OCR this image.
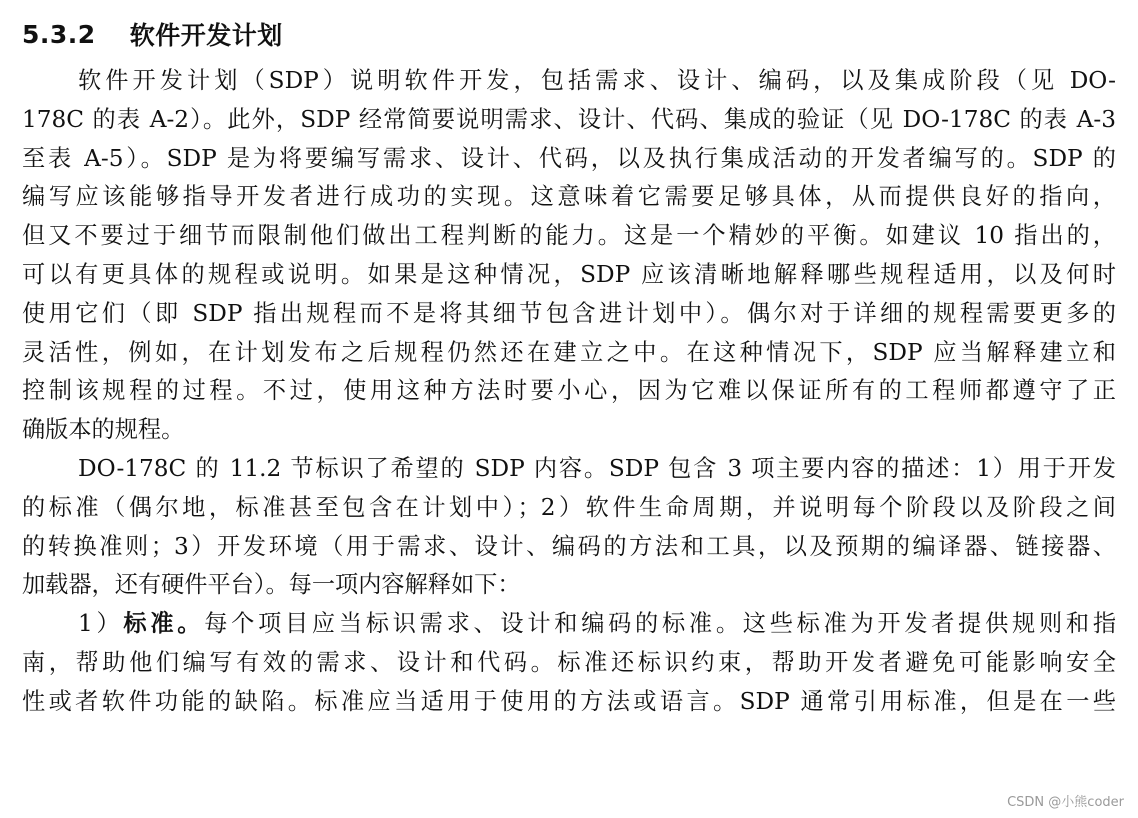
5.3.2 软件开发计划
软件开发计划（SDP）说明软件开发，包括需求、设计、编码，以及集成阶段（见 DO-
178C 的表 A-2）。此外，SDP 经常简要说明需求、设计、代码、集成的验证（见 DO-178C 的表 A-3
至表 A-5）。SDP 是为将要编写需求、设计、代码，以及执行集成活动的开发者编写的。SDP 的
编写应该能够指导开发者进行成功的实现。这意味着它需要足够具体，从而提供良好的指向，
但又不要过于细节而限制他们做出工程判断的能力。这是一个精妙的平衡。如建议 10 指出的，
可以有更具体的规程或说明。如果是这种情况，SDP 应该清晰地解释哪些规程适用，以及何时
使用它们（即 SDP 指出规程而不是将其细节包含进计划中）。偶尔对于详细的规程需要更多的
灵活性，例如，在计划发布之后规程仍然还在建立之中。在这种情况下，SDP 应当解释建立和
控制该规程的过程。不过，使用这种方法时要小心，因为它难以保证所有的工程师都遵守了正
确版本的规程。
DO-178C 的 11.2 节标识了希望的 SDP 内容。SDP 包含 3 项主要内容的描述：1）用于开发
的标准（偶尔地，标准甚至包含在计划中）；2）软件生命周期，并说明每个阶段以及阶段之间
的转换准则；3）开发环境（用于需求、设计、编码的方法和工具，以及预期的编译器、链接器、
加载器，还有硬件平台）。每一项内容解释如下：
1）标准。每个项目应当标识需求、设计和编码的标准。这些标准为开发者提供规则和指
南，帮助他们编写有效的需求、设计和代码。标准还标识约束，帮助开发者避免可能影响安全
性或者软件功能的缺陷。标准应当适用于使用的方法或语言。SDP 通常引用标准，但是在一些
CSDN @小熊coder
